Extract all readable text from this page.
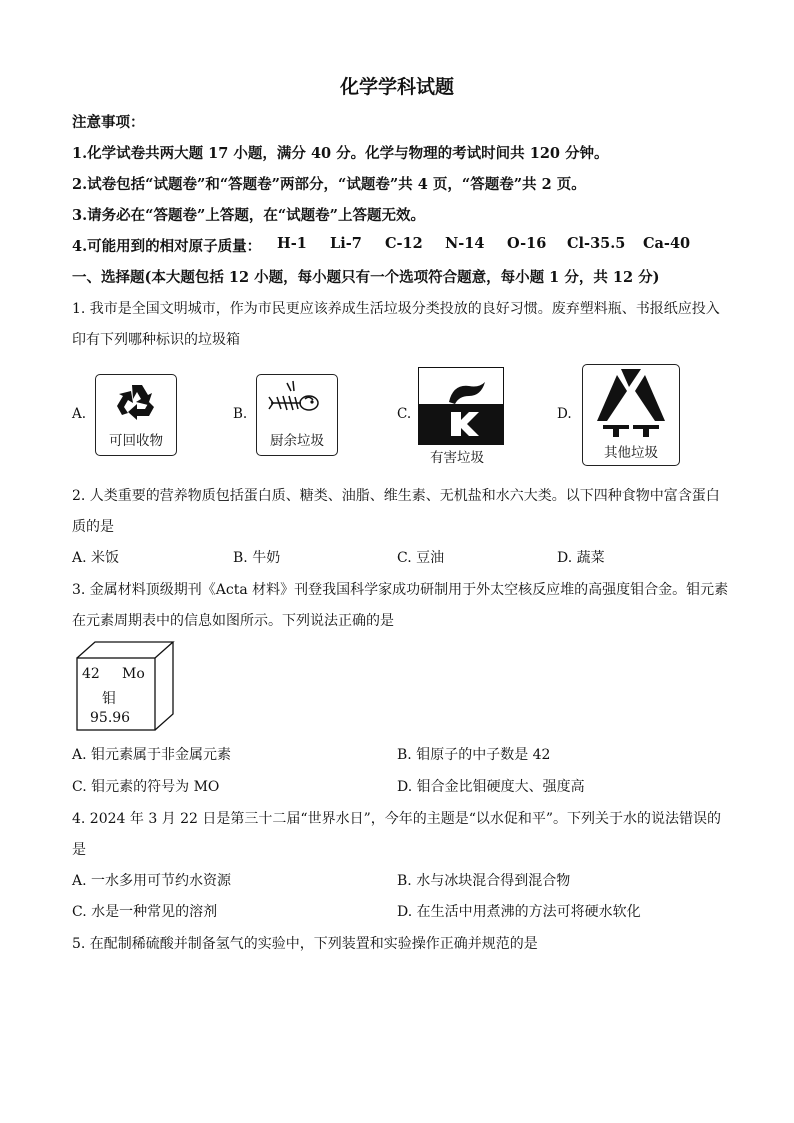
化学学科试题
注意事项：
1.化学试卷共两大题 17 小题，满分 40 分。化学与物理的考试时间共 120 分钟。
2.试卷包括“试题卷”和“答题卷”两部分，“试题卷”共 4 页，“答题卷”共 2 页。
3.请务必在“答题卷”上答题，在“试题卷”上答题无效。
4.可能用到的相对原子质量： H-1 Li-7 C-12 N-14 O-16 Cl-35.5 Ca-40
一、选择题(本大题包括 12 小题，每小题只有一个选项符合题意，每小题 1 分，共 12 分)
1. 我市是全国文明城市，作为市民更应该养成生活垃圾分类投放的良好习惯。废弃塑料瓶、书报纸应投入
印有下列哪种标识的垃圾箱
A.
可回收物
B.
厨余垃圾
C.
有害垃圾
D.
其他垃圾
2. 人类重要的营养物质包括蛋白质、糖类、油脂、维生素、无机盐和水六大类。以下四种食物中富含蛋白
质的是
A. 米饭	B. 牛奶	C. 豆油	D. 蔬菜
3. 金属材料顶级期刊《Acta 材料》刊登我国科学家成功研制用于外太空核反应堆的高强度钼合金。钼元素
在元素周期表中的信息如图所示。下列说法正确的是
42 Mo
钼
95.96
A. 钼元素属于非金属元素	B. 钼原子的中子数是 42
C. 钼元素的符号为 MO	D. 钼合金比钼硬度大、强度高
4. 2024 年 3 月 22 日是第三十二届“世界水日”，今年的主题是“以水促和平”。下列关于水的说法错误的
是
A. 一水多用可节约水资源	B. 水与冰块混合得到混合物
C. 水是一种常见的溶剂	D. 在生活中用煮沸的方法可将硬水软化
5. 在配制稀硫酸并制备氢气的实验中，下列装置和实验操作正确并规范的是
